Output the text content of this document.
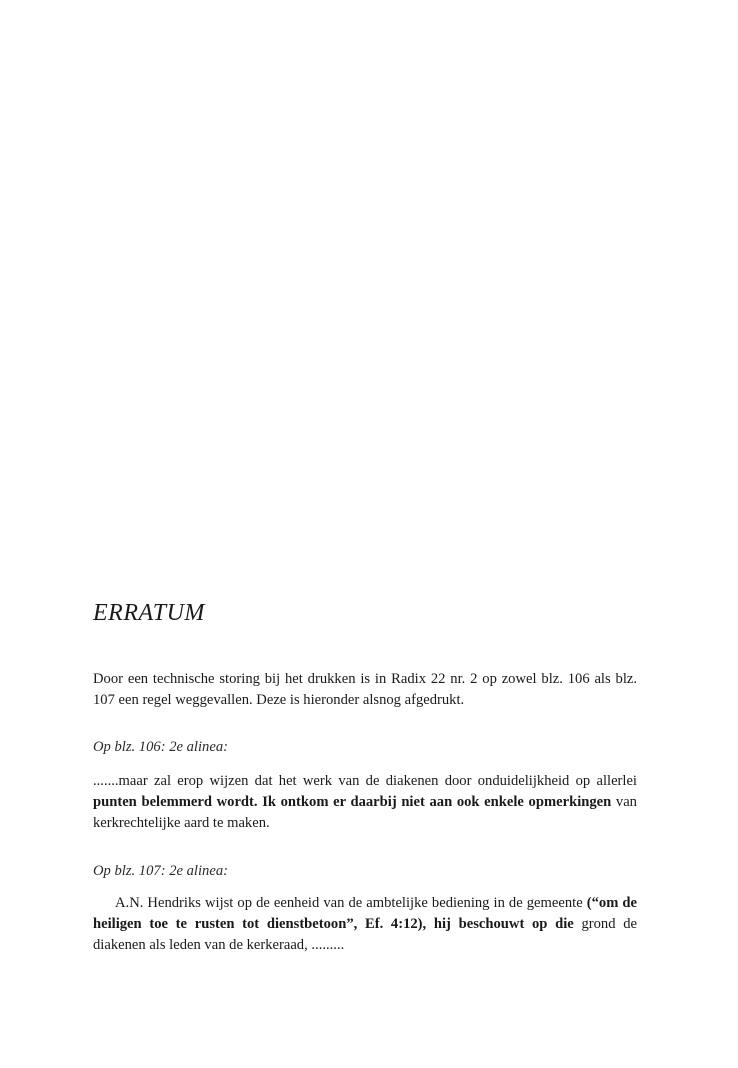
ERRATUM
Door een technische storing bij het drukken is in Radix 22 nr. 2 op zowel blz. 106 als blz. 107 een regel weggevallen. Deze is hieronder alsnog afgedrukt.
Op blz. 106: 2e alinea:
.......maar zal erop wijzen dat het werk van de diakenen door onduidelijkheid op allerlei punten belemmerd wordt. Ik ontkom er daarbij niet aan ook enkele opmerkingen van kerkrechtelijke aard te maken.
Op blz. 107: 2e alinea:
A.N. Hendriks wijst op de eenheid van de ambtelijke bediening in de gemeente (“om de heiligen toe te rusten tot dienstbetoon”, Ef. 4:12), hij beschouwt op die grond de diakenen als leden van de kerkeraad, .........
